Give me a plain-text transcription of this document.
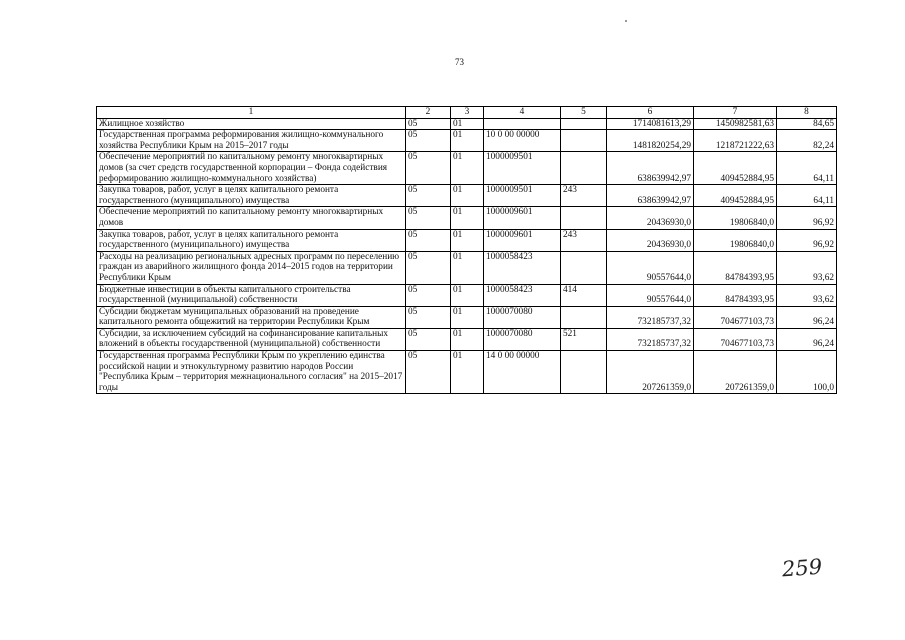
73
1	2	3	4	5	6	7	8
Жилищное хозяйство	05	01			1714081613,29	1450982581,63	84,65
Государственная программа реформирования жилищно-коммунального хозяйства Республики Крым на 2015–2017 годы	05	01	10 0 00 00000		1481820254,29	1218721222,63	82,24
Обеспечение мероприятий по капитальному ремонту многоквартирных домов (за счет средств государственной корпорации – Фонда содействия реформированию жилищно-коммунального хозяйства)	05	01	1000009501		638639942,97	409452884,95	64,11
Закупка товаров, работ, услуг в целях капитального ремонта государственного (муниципального) имущества	05	01	1000009501	243	638639942,97	409452884,95	64,11
Обеспечение мероприятий по капитальному ремонту многоквартирных домов	05	01	1000009601		20436930,0	19806840,0	96,92
Закупка товаров, работ, услуг в целях капитального ремонта государственного (муниципального) имущества	05	01	1000009601	243	20436930,0	19806840,0	96,92
Расходы на реализацию региональных адресных программ по переселению граждан из аварийного жилищного фонда 2014–2015 годов на территории Республики Крым	05	01	1000058423		90557644,0	84784393,95	93,62
Бюджетные инвестиции в объекты капитального строительства государственной (муниципальной) собственности	05	01	1000058423	414	90557644,0	84784393,95	93,62
Субсидии бюджетам муниципальных образований на проведение капитального ремонта общежитий на территории Республики Крым	05	01	1000070080		732185737,32	704677103,73	96,24
Субсидии, за исключением субсидий на софинансирование капитальных вложений в объекты государственной (муниципальной) собственности	05	01	1000070080	521	732185737,32	704677103,73	96,24
Государственная программа Республики Крым по укреплению единства российской нации и этнокультурному развитию народов России "Республика Крым – территория межнационального согласия" на 2015–2017 годы	05	01	14 0 00 00000		207261359,0	207261359,0	100,0
259
